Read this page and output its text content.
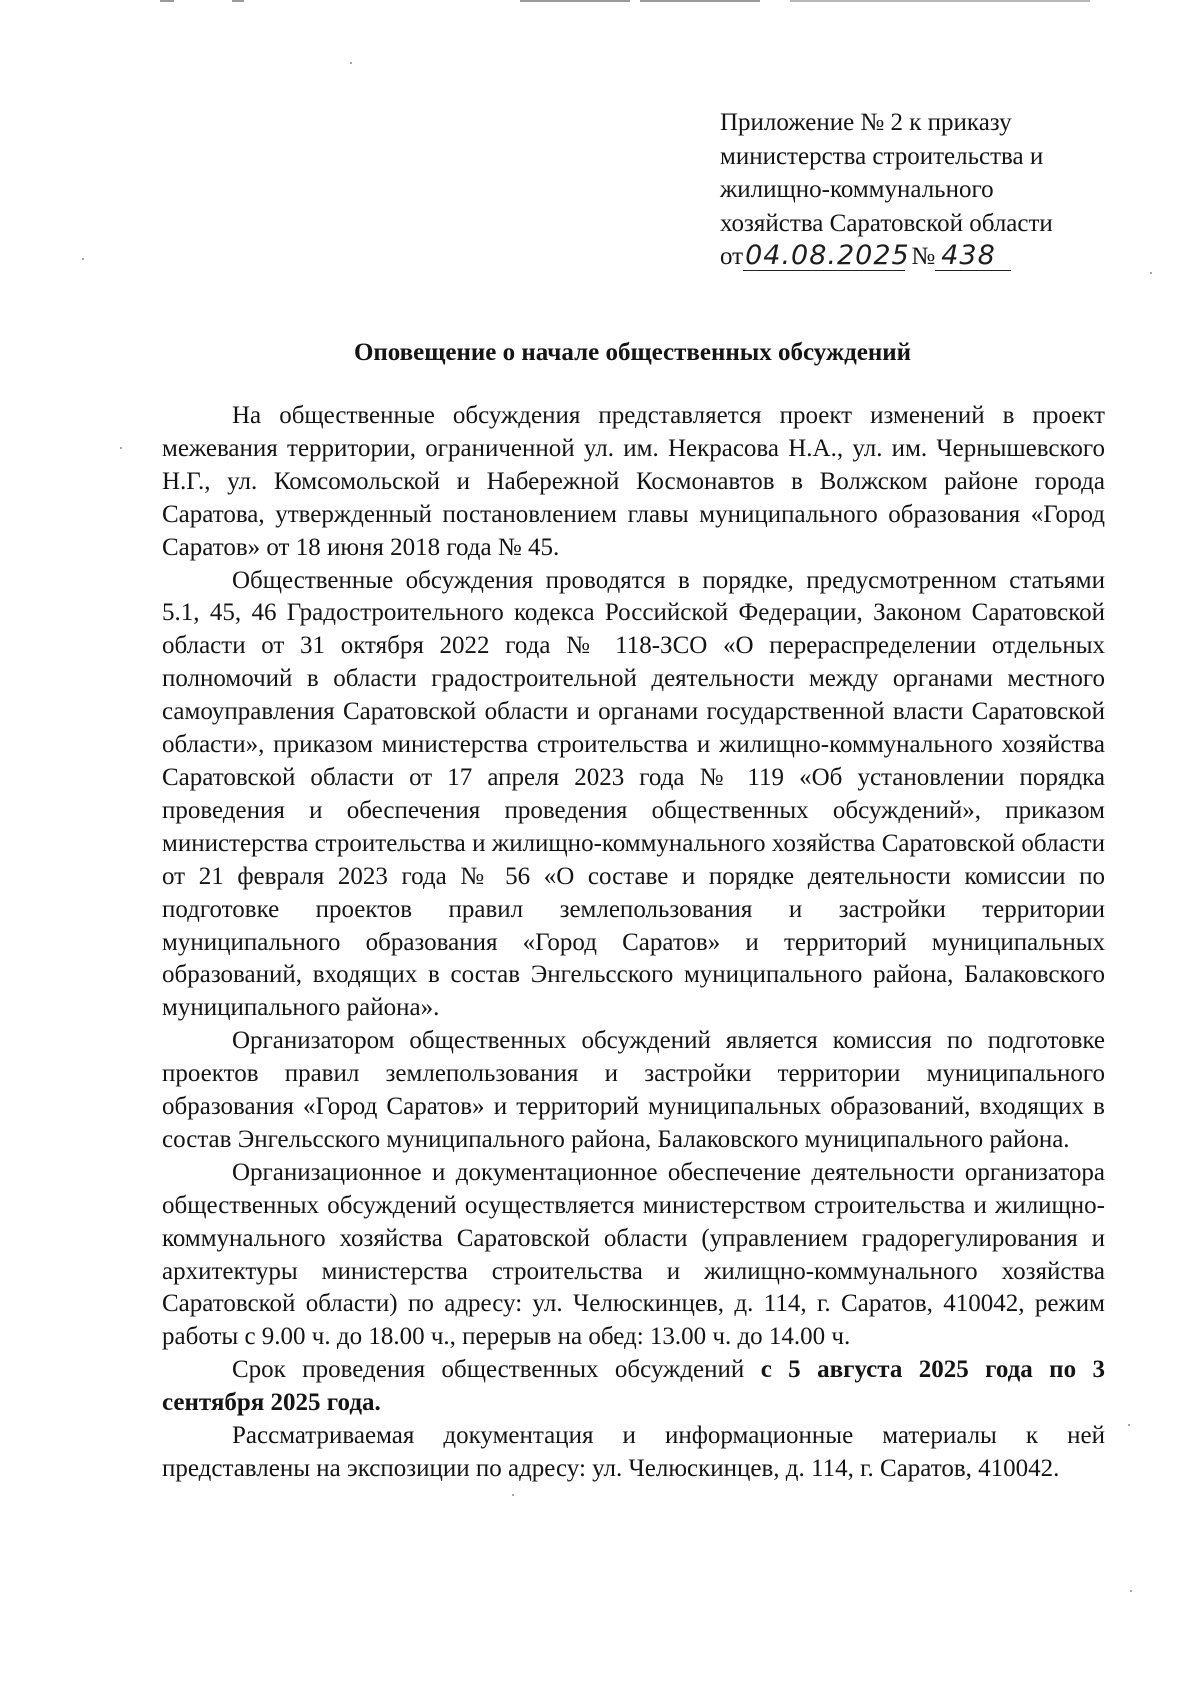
Приложение № 2 к приказу
министерства строительства и
жилищно-коммунального
хозяйства Саратовской области
от04.08.2025 № 438
Оповещение о начале общественных обсуждений

На общественные обсуждения представляется проект изменений в проект межевания территории, ограниченной ул. им. Некрасова Н.А., ул. им. Чернышевского Н.Г., ул. Комсомольской и Набережной Космонавтов в Волжском районе города Саратова, утвержденный постановлением главы муниципального образования «Город Саратов» от 18 июня 2018 года № 45.

Общественные обсуждения проводятся в порядке, предусмотренном статьями 5.1, 45, 46 Градостроительного кодекса Российской Федерации, Законом Саратовской области от 31 октября 2022 года № 118-ЗСО «О перераспределении отдельных полномочий в области градостроительной деятельности между органами местного самоуправления Саратовской области и органами государственной власти Саратовской области», приказом министерства строительства и жилищно-коммунального хозяйства Саратовской области от 17 апреля 2023 года № 119 «Об установлении порядка проведения и обеспечения проведения общественных обсуждений», приказом министерства строительства и жилищно-коммунального хозяйства Саратовской области от 21 февраля 2023 года № 56 «О составе и порядке деятельности комиссии по подготовке проектов правил землепользования и застройки территории муниципального образования «Город Саратов» и территорий муниципальных образований, входящих в состав Энгельсского муниципального района, Балаковского муниципального района».

Организатором общественных обсуждений является комиссия по подготовке проектов правил землепользования и застройки территории муниципального образования «Город Саратов» и территорий муниципальных образований, входящих в состав Энгельсского муниципального района, Балаковского муниципального района.

Организационное и документационное обеспечение деятельности организатора общественных обсуждений осуществляется министерством строительства и жилищно-коммунального хозяйства Саратовской области (управлением градорегулирования и архитектуры министерства строительства и жилищно-коммунального хозяйства Саратовской области) по адресу: ул. Челюскинцев, д. 114, г. Саратов, 410042, режим работы с 9.00 ч. до 18.00 ч., перерыв на обед: 13.00 ч. до 14.00 ч.

Срок проведения общественных обсуждений с 5 августа 2025 года по 3 сентября 2025 года.

Рассматриваемая документация и информационные материалы к ней представлены на экспозиции по адресу: ул. Челюскинцев, д. 114, г. Саратов, 410042.
